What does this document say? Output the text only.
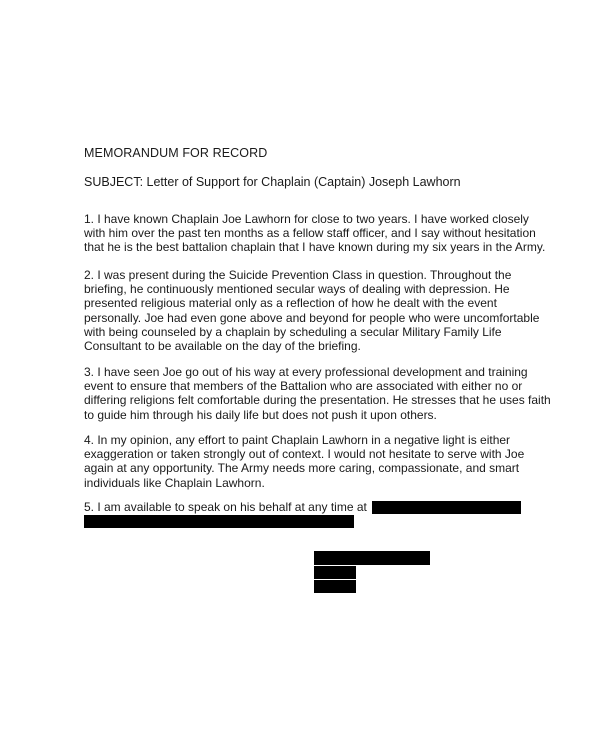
MEMORANDUM FOR RECORD
SUBJECT: Letter of Support for Chaplain (Captain) Joseph Lawhorn
1. I have known Chaplain Joe Lawhorn for close to two years. I have worked closely
with him over the past ten months as a fellow staff officer, and I say without hesitation
that he is the best battalion chaplain that I have known during my six years in the Army.
2. I was present during the Suicide Prevention Class in question. Throughout the
briefing, he continuously mentioned secular ways of dealing with depression. He
presented religious material only as a reflection of how he dealt with the event
personally. Joe had even gone above and beyond for people who were uncomfortable
with being counseled by a chaplain by scheduling a secular Military Family Life
Consultant to be available on the day of the briefing.
3. I have seen Joe go out of his way at every professional development and training
event to ensure that members of the Battalion who are associated with either no or
differing religions felt comfortable during the presentation. He stresses that he uses faith
to guide him through his daily life but does not push it upon others.
4. In my opinion, any effort to paint Chaplain Lawhorn in a negative light is either
exaggeration or taken strongly out of context. I would not hesitate to serve with Joe
again at any opportunity. The Army needs more caring, compassionate, and smart
individuals like Chaplain Lawhorn.
5. I am available to speak on his behalf at any time at
